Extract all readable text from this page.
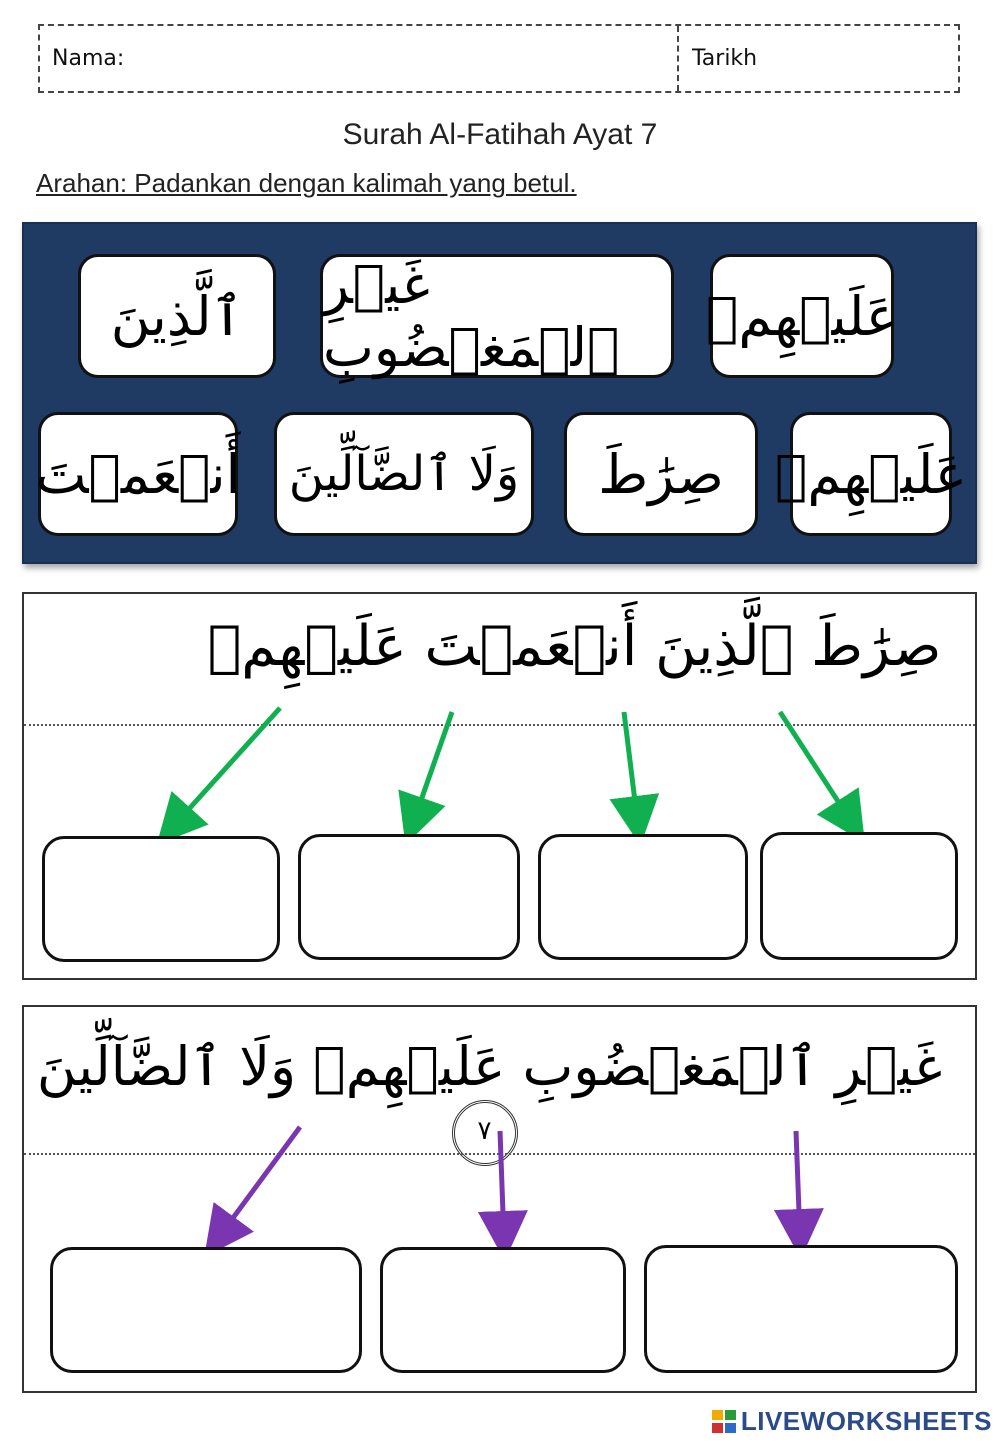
Nama:	Tarikh
Surah Al-Fatihah Ayat 7
Arahan: Padankan dengan kalimah yang betul.
عَلَيۡهِمۡ
غَيۡرِ ٱلۡمَغۡضُوبِ
ٱلَّذِينَ
عَلَيۡهِمۡ
صِرَٰطَ
وَلَا ٱلضَّآلِّينَ
أَنۡعَمۡتَ
صِرَٰطَ ٱلَّذِينَ أَنۡعَمۡتَ عَلَيۡهِمۡ
غَيۡرِ ٱلۡمَغۡضُوبِ عَلَيۡهِمۡ وَلَا ٱلضَّآلِّينَ ٧
LIVEWORKSHEETS
